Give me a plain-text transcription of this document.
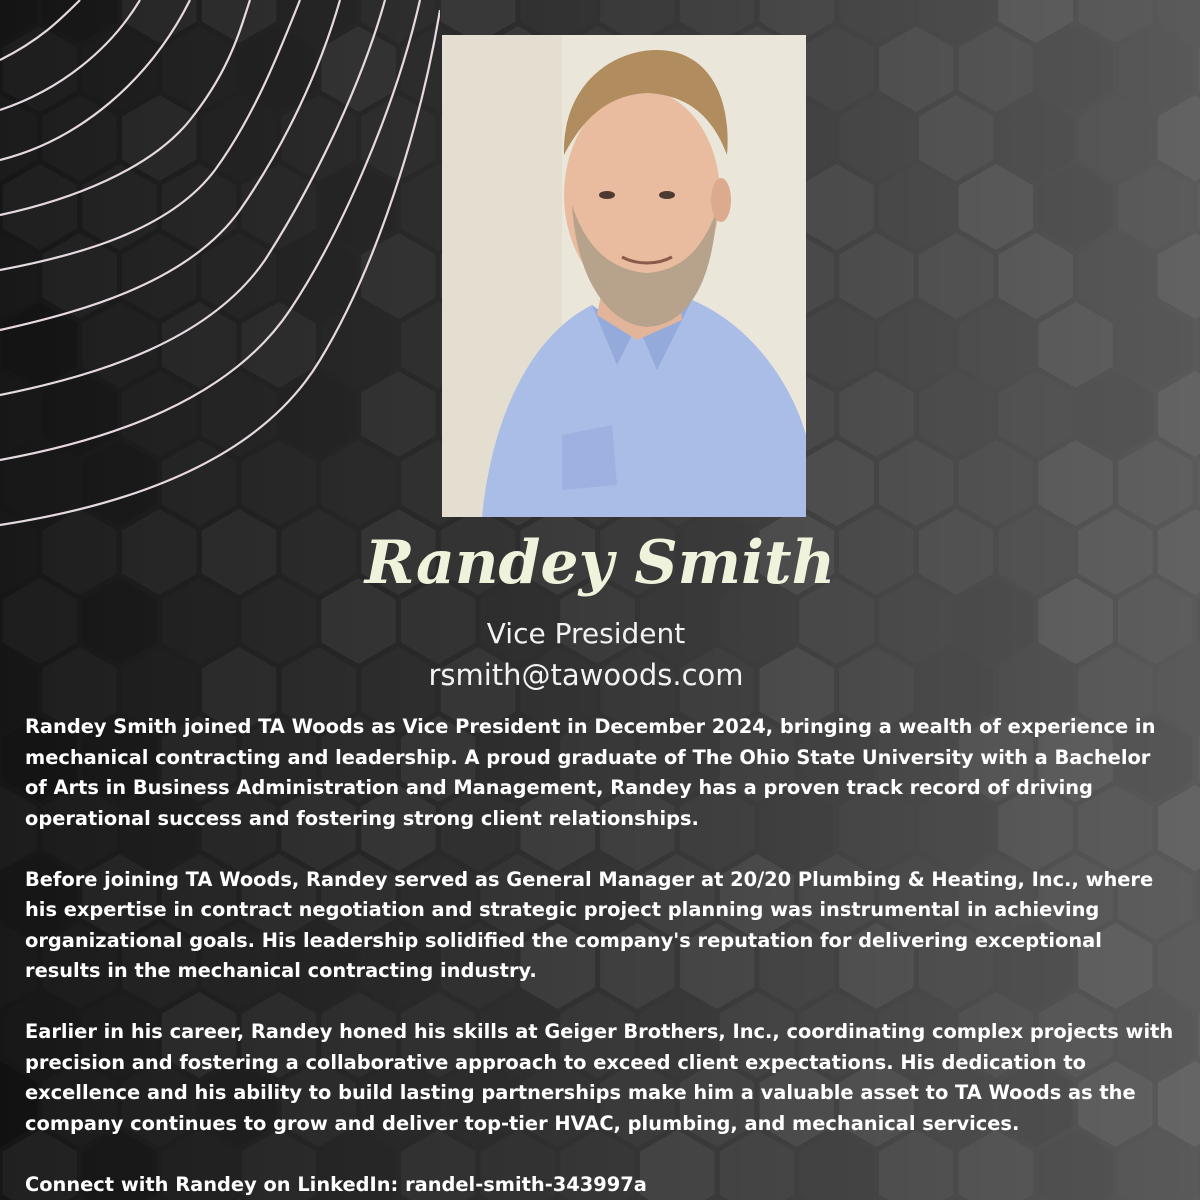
Randey Smith
Vice President
rsmith@tawoods.com

Randey Smith joined TA Woods as Vice President in December 2024, bringing a wealth of experience in mechanical contracting and leadership. A proud graduate of The Ohio State University with a Bachelor of Arts in Business Administration and Management, Randey has a proven track record of driving operational success and fostering strong client relationships.

Before joining TA Woods, Randey served as General Manager at 20/20 Plumbing & Heating, Inc., where his expertise in contract negotiation and strategic project planning was instrumental in achieving organizational goals. His leadership solidified the company's reputation for delivering exceptional results in the mechanical contracting industry.

Earlier in his career, Randey honed his skills at Geiger Brothers, Inc., coordinating complex projects with precision and fostering a collaborative approach to exceed client expectations. His dedication to excellence and his ability to build lasting partnerships make him a valuable asset to TA Woods as the company continues to grow and deliver top-tier HVAC, plumbing, and mechanical services.

Connect with Randey on LinkedIn: randel-smith-343997a
